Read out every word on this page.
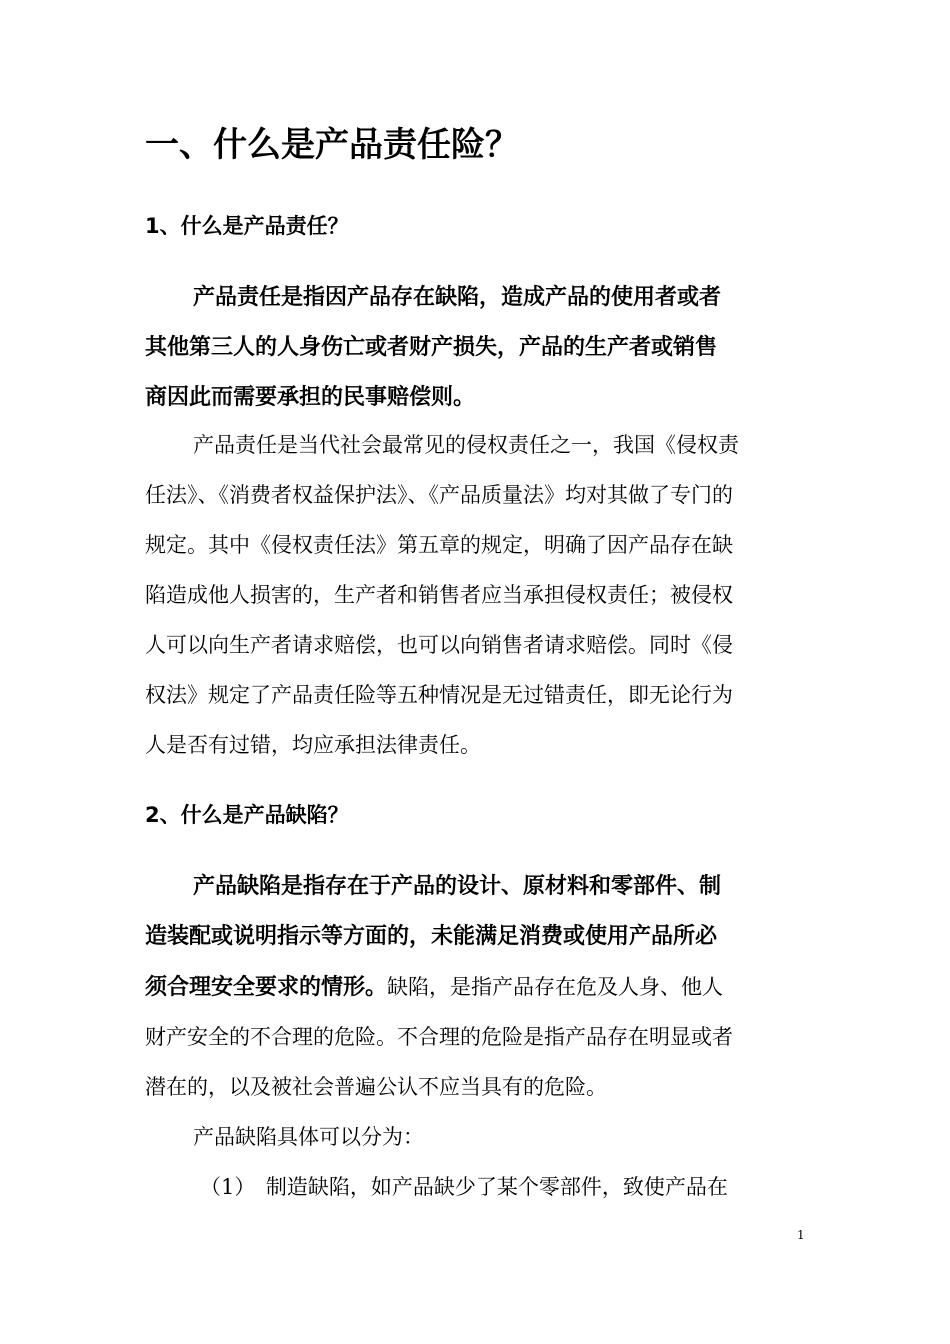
一、什么是产品责任险？
1、什么是产品责任？
产品责任是指因产品存在缺陷，造成产品的使用者或者
其他第三人的人身伤亡或者财产损失，产品的生产者或销售
商因此而需要承担的民事赔偿则。
产品责任是当代社会最常见的侵权责任之一，我国《侵权责
任法》、《消费者权益保护法》、《产品质量法》均对其做了专门的
规定。其中《侵权责任法》第五章的规定，明确了因产品存在缺
陷造成他人损害的，生产者和销售者应当承担侵权责任；被侵权
人可以向生产者请求赔偿，也可以向销售者请求赔偿。同时《侵
权法》规定了产品责任险等五种情况是无过错责任，即无论行为
人是否有过错，均应承担法律责任。
2、什么是产品缺陷？
产品缺陷是指存在于产品的设计、原材料和零部件、制
造装配或说明指示等方面的，未能满足消费或使用产品所必
须合理安全要求的情形。缺陷，是指产品存在危及人身、他人
财产安全的不合理的危险。不合理的危险是指产品存在明显或者
潜在的，以及被社会普遍公认不应当具有的危险。
产品缺陷具体可以分为：
（1）　制造缺陷，如产品缺少了某个零部件，致使产品在
1
